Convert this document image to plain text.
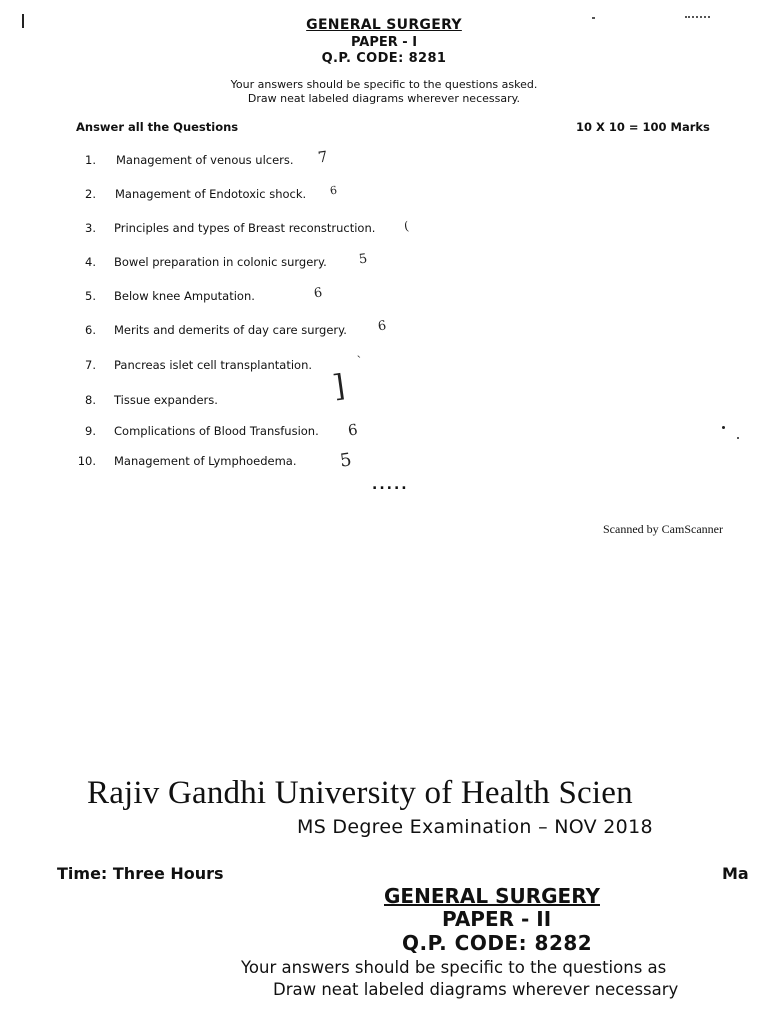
GENERAL SURGERY
PAPER - I
Q.P. CODE: 8281
Your answers should be specific to the questions asked.
Draw neat labeled diagrams wherever necessary.
Answer all the Questions	10 X 10 = 100 Marks
1. Management of venous ulcers.
2. Management of Endotoxic shock.
3. Principles and types of Breast reconstruction.
4. Bowel preparation in colonic surgery.
5. Below knee Amputation.
6. Merits and demerits of day care surgery.
7. Pancreas islet cell transplantation.
8. Tissue expanders.
9. Complications of Blood Transfusion.
10. Management of Lymphoedema.
7
6
(
5
6
6
`
]
6
5
.....
Scanned by CamScanner
Rajiv Gandhi University of Health Scien
MS Degree Examination – NOV 2018
Time: Three Hours	Ma
GENERAL SURGERY
PAPER - II
Q.P. CODE: 8282
Your answers should be specific to the questions as
Draw neat labeled diagrams wherever necessary
